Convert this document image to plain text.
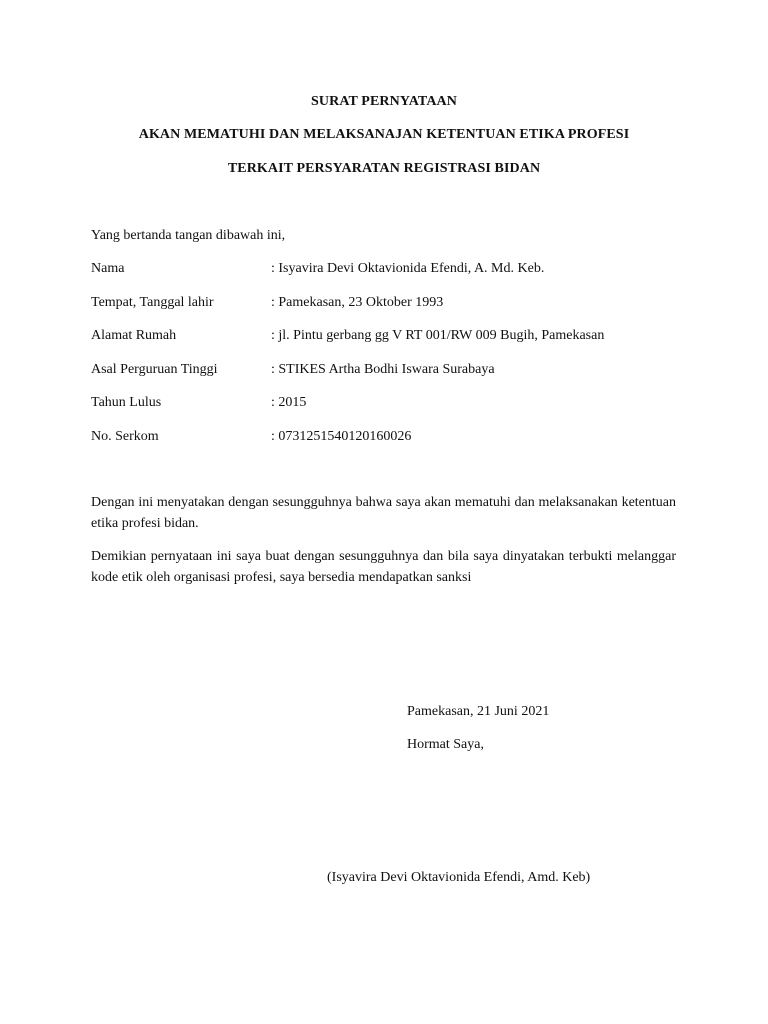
SURAT PERNYATAAN
AKAN MEMATUHI DAN MELAKSANAJAN KETENTUAN ETIKA PROFESI
TERKAIT PERSYARATAN REGISTRASI BIDAN
Yang bertanda tangan dibawah ini,
Nama	: Isyavira Devi Oktavionida Efendi, A. Md. Keb.
Tempat, Tanggal lahir	: Pamekasan, 23 Oktober 1993
Alamat Rumah	: jl. Pintu gerbang gg V RT 001/RW 009 Bugih, Pamekasan
Asal Perguruan Tinggi	: STIKES Artha Bodhi Iswara Surabaya
Tahun Lulus	: 2015
No. Serkom	: 0731251540120160026
Dengan ini menyatakan dengan sesungguhnya bahwa saya akan mematuhi dan melaksanakan ketentuan etika profesi bidan.
Demikian pernyataan ini saya buat dengan sesungguhnya dan bila saya dinyatakan terbukti melanggar kode etik oleh organisasi profesi, saya bersedia mendapatkan sanksi
Pamekasan, 21 Juni 2021
Hormat Saya,
(Isyavira Devi Oktavionida Efendi, Amd. Keb)
